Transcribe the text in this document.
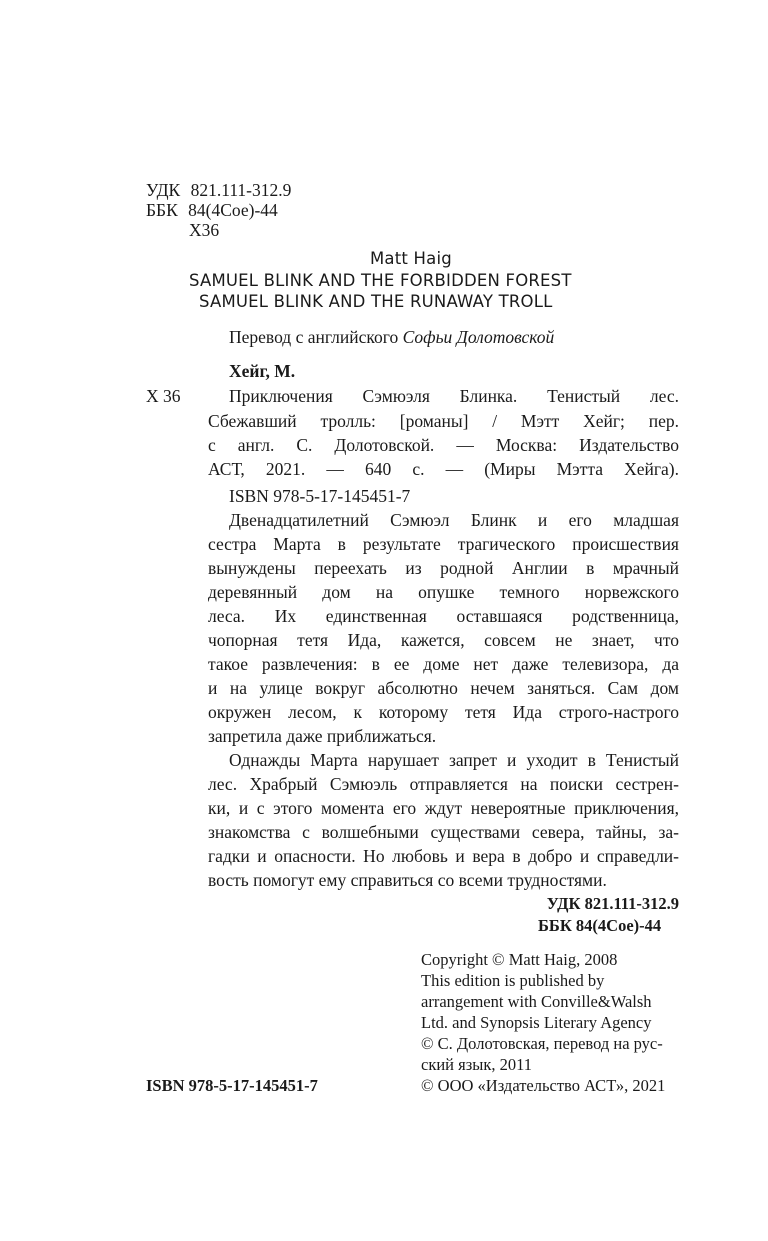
УДК 821.111-312.9
ББК 84(4Сое)-44
Х36
Matt Haig
SAMUEL BLINK AND THE FORBIDDEN FOREST
SAMUEL BLINK AND THE RUNAWAY TROLL
Перевод с английского Софьи Долотовской
Хейг, М.
Х 36	Приключения Сэмюэля Блинка. Тенистый лес.
Сбежавший тролль: [романы] / Мэтт Хейг; пер.
с англ. С. Долотовской. — Москва: Издательство
АСТ, 2021. — 640 с. — (Миры Мэтта Хейга).
ISBN 978-5-17-145451-7
Двенадцатилетний Сэмюэл Блинк и его младшая
сестра Марта в результате трагического происшествия
вынуждены переехать из родной Англии в мрачный
деревянный дом на опушке темного норвежского
леса. Их единственная оставшаяся родственница,
чопорная тетя Ида, кажется, совсем не знает, что
такое развлечения: в ее доме нет даже телевизора, да
и на улице вокруг абсолютно нечем заняться. Сам дом
окружен лесом, к которому тетя Ида строго-настрого
запретила даже приближаться.
Однажды Марта нарушает запрет и уходит в Тенистый
лес. Храбрый Сэмюэль отправляется на поиски сестрен-
ки, и с этого момента его ждут невероятные приключения,
знакомства с волшебными существами севера, тайны, за-
гадки и опасности. Но любовь и вера в добро и справедли-
вость помогут ему справиться со всеми трудностями.
УДК 821.111-312.9
ББК 84(4Сое)-44
Copyright © Matt Haig, 2008
This edition is published by
arrangement with Conville&Walsh
Ltd. and Synopsis Literary Agency
© С. Долотовская, перевод на рус-
ский язык, 2011
© ООО «Издательство АСТ», 2021
ISBN 978-5-17-145451-7
